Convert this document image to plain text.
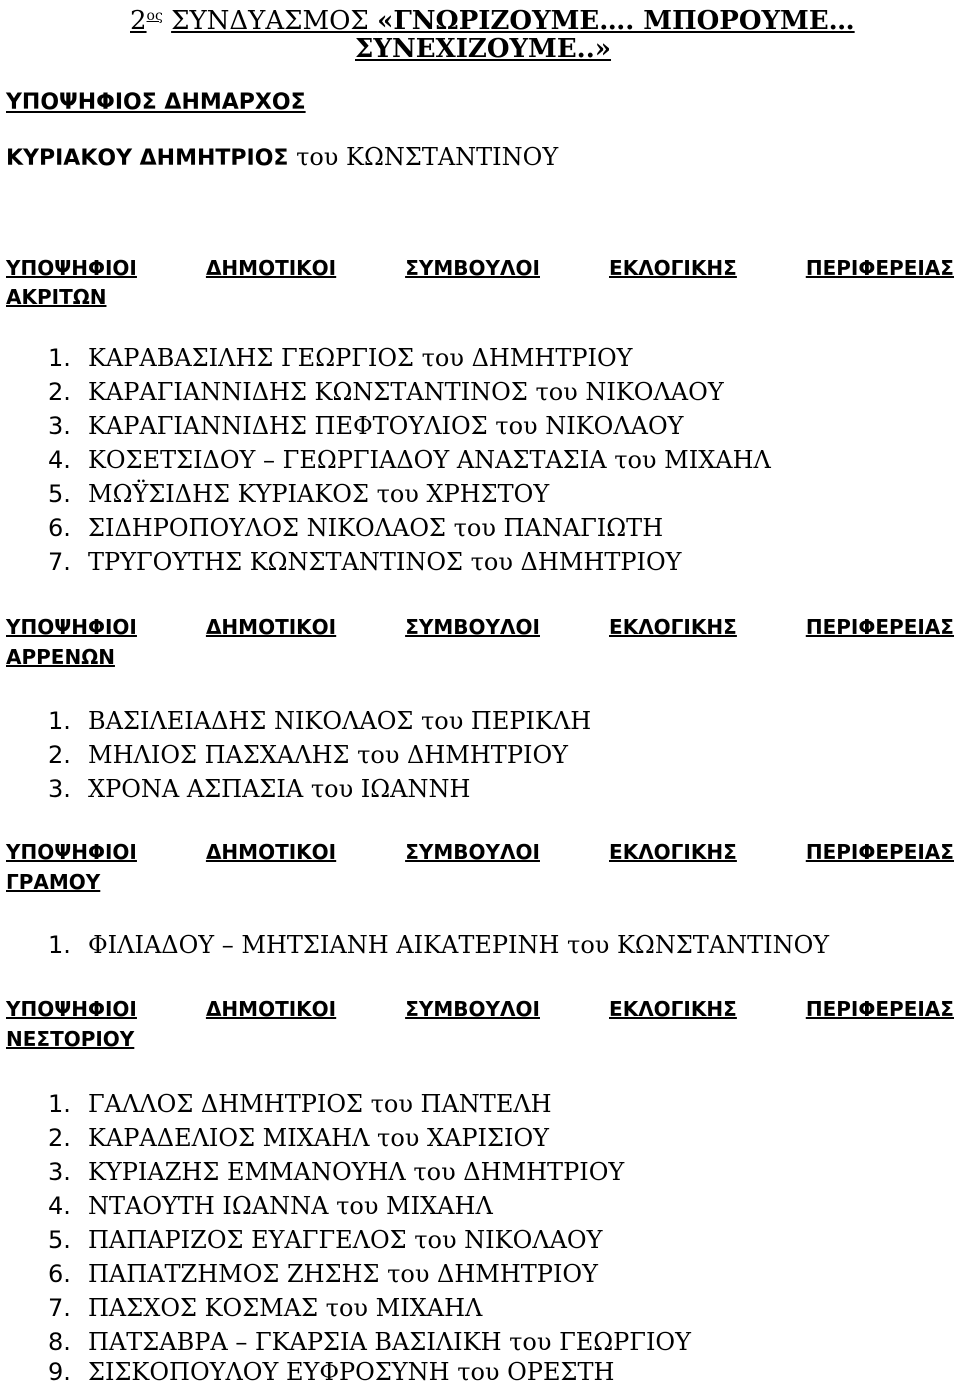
$2^{o\varsigma}$ ΣΥΝΔΥΑΣΜΟΣ «ΓΝΩΡΙΖΟΥΜΕ…. ΜΠΟΡΟΥΜΕ…
ΣΥΝΕΧΙΖΟΥΜΕ..»
ΥΠΟΨΗΦΙΟΣ ΔΗΜΑΡΧΟΣ
ΚΥΡΙΑΚΟΥ ΔΗΜΗΤΡΙΟΣ του ΚΩΝΣΤΑΝΤΙΝΟΥ
ΥΠΟΨΗΦΙΟΙ	ΔΗΜΟΤΙΚΟΙ	ΣΥΜΒΟΥΛΟΙ	ΕΚΛΟΓΙΚΗΣ	ΠΕΡΙΦΕΡΕΙΑΣ
ΑΚΡΙΤΩΝ
1. ΚΑΡΑΒΑΣΙΛΗΣ ΓΕΩΡΓΙΟΣ του ΔΗΜΗΤΡΙΟΥ
2. ΚΑΡΑΓΙΑΝΝΙΔΗΣ ΚΩΝΣΤΑΝΤΙΝΟΣ του ΝΙΚΟΛΑΟΥ
3. ΚΑΡΑΓΙΑΝΝΙΔΗΣ ΠΕΦΤΟΥΛΙΟΣ του ΝΙΚΟΛΑΟΥ
4. ΚΟΣΕΤΣΙΔΟΥ – ΓΕΩΡΓΙΑΔΟΥ ΑΝΑΣΤΑΣΙΑ του ΜΙΧΑΗΛ
5. ΜΩΫΣΙΔΗΣ ΚΥΡΙΑΚΟΣ του ΧΡΗΣΤΟΥ
6. ΣΙΔΗΡΟΠΟΥΛΟΣ ΝΙΚΟΛΑΟΣ του ΠΑΝΑΓΙΩΤΗ
7. ΤΡΥΓΟΥΤΗΣ ΚΩΝΣΤΑΝΤΙΝΟΣ του ΔΗΜΗΤΡΙΟΥ
ΥΠΟΨΗΦΙΟΙ	ΔΗΜΟΤΙΚΟΙ	ΣΥΜΒΟΥΛΟΙ	ΕΚΛΟΓΙΚΗΣ	ΠΕΡΙΦΕΡΕΙΑΣ
ΑΡΡΕΝΩΝ
1. ΒΑΣΙΛΕΙΑΔΗΣ ΝΙΚΟΛΑΟΣ του ΠΕΡΙΚΛΗ
2. ΜΗΛΙΟΣ ΠΑΣΧΑΛΗΣ του ΔΗΜΗΤΡΙΟΥ
3. ΧΡΟΝΑ ΑΣΠΑΣΙΑ του ΙΩΑΝΝΗ
ΥΠΟΨΗΦΙΟΙ	ΔΗΜΟΤΙΚΟΙ	ΣΥΜΒΟΥΛΟΙ	ΕΚΛΟΓΙΚΗΣ	ΠΕΡΙΦΕΡΕΙΑΣ
ΓΡΑΜΟΥ
1. ΦΙΛΙΑΔΟΥ – ΜΗΤΣΙΑΝΗ ΑΙΚΑΤΕΡΙΝΗ του ΚΩΝΣΤΑΝΤΙΝΟΥ
ΥΠΟΨΗΦΙΟΙ	ΔΗΜΟΤΙΚΟΙ	ΣΥΜΒΟΥΛΟΙ	ΕΚΛΟΓΙΚΗΣ	ΠΕΡΙΦΕΡΕΙΑΣ
ΝΕΣΤΟΡΙΟΥ
1. ΓΑΛΛΟΣ ΔΗΜΗΤΡΙΟΣ του ΠΑΝΤΕΛΗ
2. ΚΑΡΑΔΕΛΙΟΣ ΜΙΧΑΗΛ του ΧΑΡΙΣΙΟΥ
3. ΚΥΡΙΑΖΗΣ ΕΜΜΑΝΟΥΗΛ του ΔΗΜΗΤΡΙΟΥ
4. ΝΤΑΟΥΤΗ ΙΩΑΝΝΑ του ΜΙΧΑΗΛ
5. ΠΑΠΑΡΙΖΟΣ ΕΥΑΓΓΕΛΟΣ του ΝΙΚΟΛΑΟΥ
6. ΠΑΠΑΤΖΗΜΟΣ ΖΗΣΗΣ του ΔΗΜΗΤΡΙΟΥ
7. ΠΑΣΧΟΣ ΚΟΣΜΑΣ του ΜΙΧΑΗΛ
8. ΠΑΤΣΑΒΡΑ – ΓΚΑΡΣΙΑ ΒΑΣΙΛΙΚΗ του ΓΕΩΡΓΙΟΥ
9. ΣΙΣΚΟΠΟΥΛΟΥ ΕΥΦΡΟΣΥΝΗ του ΟΡΕΣΤΗ
